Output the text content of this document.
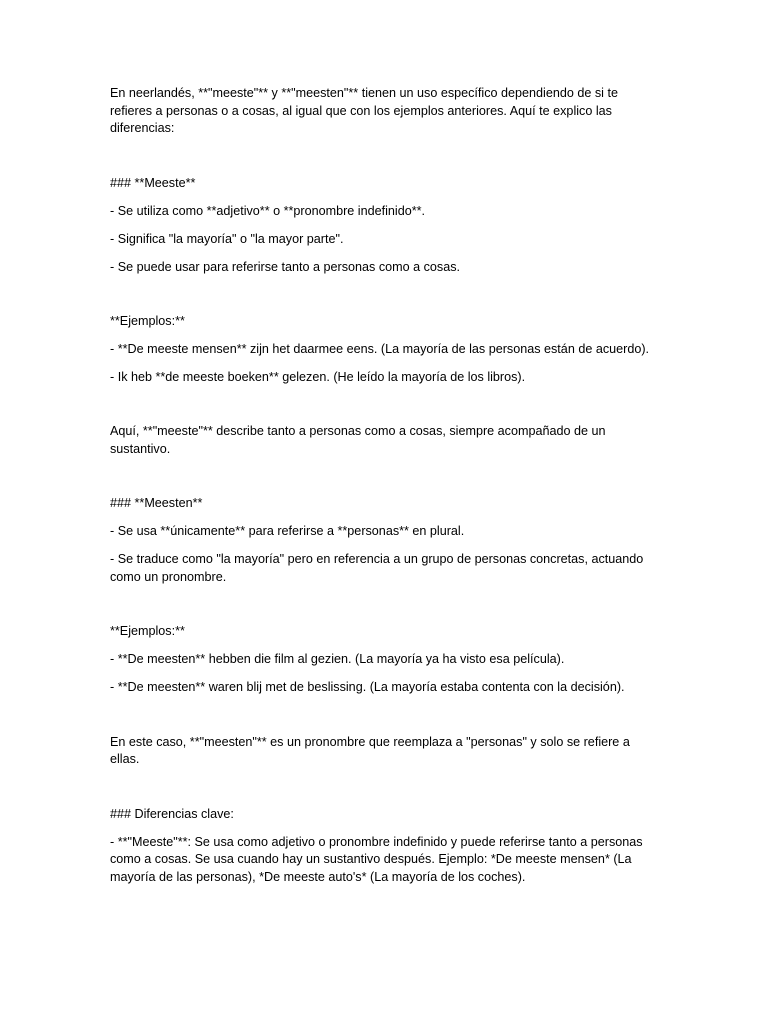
En neerlandés, **"meeste"** y **"meesten"** tienen un uso específico dependiendo de si te refieres a personas o a cosas, al igual que con los ejemplos anteriores. Aquí te explico las diferencias:

### **Meeste**

- Se utiliza como **adjetivo** o **pronombre indefinido**.

- Significa "la mayoría" o "la mayor parte".

- Se puede usar para referirse tanto a personas como a cosas.

**Ejemplos:**

- **De meeste mensen** zijn het daarmee eens. (La mayoría de las personas están de acuerdo).

- Ik heb **de meeste boeken** gelezen. (He leído la mayoría de los libros).

Aquí, **"meeste"** describe tanto a personas como a cosas, siempre acompañado de un sustantivo.

### **Meesten**

- Se usa **únicamente** para referirse a **personas** en plural.

- Se traduce como "la mayoría" pero en referencia a un grupo de personas concretas, actuando como un pronombre.

**Ejemplos:**

- **De meesten** hebben die film al gezien. (La mayoría ya ha visto esa película).

- **De meesten** waren blij met de beslissing. (La mayoría estaba contenta con la decisión).

En este caso, **"meesten"** es un pronombre que reemplaza a "personas" y solo se refiere a ellas.

### Diferencias clave:

- **"Meeste"**: Se usa como adjetivo o pronombre indefinido y puede referirse tanto a personas como a cosas. Se usa cuando hay un sustantivo después. Ejemplo: *De meeste mensen* (La mayoría de las personas), *De meeste auto's* (La mayoría de los coches).
